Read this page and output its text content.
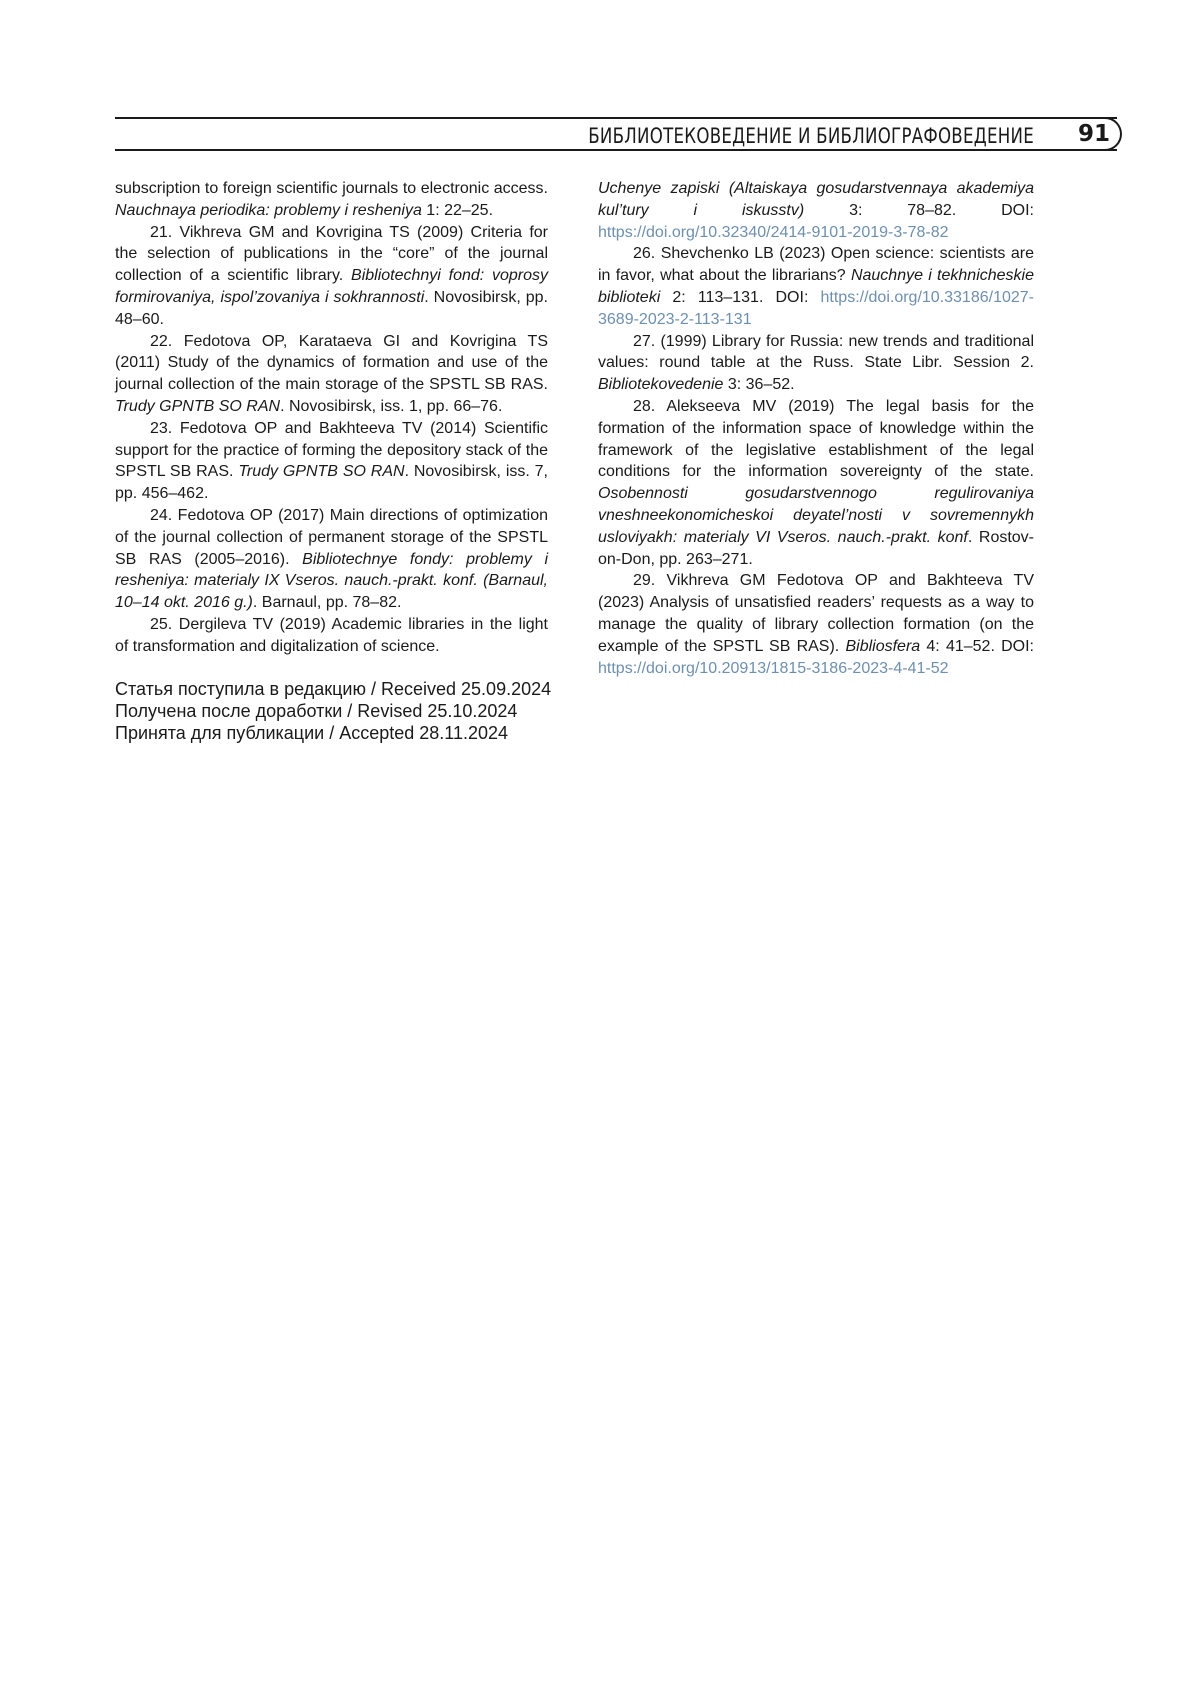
БИБЛИОТЕКОВЕДЕНИЕ И БИБЛИОГРАФОВЕДЕНИЕ	91

subscription to foreign scientific journals to electronic access. Nauchnaya periodika: problemy i resheniya 1: 22–25.

21. Vikhreva GM and Kovrigina TS (2009) Criteria for the selection of publications in the “core” of the journal collection of a scientific library. Bibliotechnyi fond: voprosy formirovaniya, ispol’zovaniya i sokhrannosti. Novosibirsk, pp. 48–60.

22. Fedotova OP, Karataeva GI and Kovrigina TS (2011) Study of the dynamics of formation and use of the journal collection of the main storage of the SPSTL SB RAS. Trudy GPNTB SO RAN. Novosibirsk, iss. 1, pp. 66–76.

23. Fedotova OP and Bakhteeva TV (2014) Scientific support for the practice of forming the depository stack of the SPSTL SB RAS. Trudy GPNTB SO RAN. Novosibirsk, iss. 7, pp. 456–462.

24. Fedotova OP (2017) Main directions of optimization of the journal collection of permanent storage of the SPSTL SB RAS (2005–2016). Bibliotechnye fondy: problemy i resheniya: materialy IX Vseros. nauch.-prakt. konf. (Barnaul, 10–14 okt. 2016 g.). Barnaul, pp. 78–82.

25. Dergileva TV (2019) Academic libraries in the light of transformation and digitalization of science.

Uchenye zapiski (Altaiskaya gosudarstvennaya akademiya kul’tury i iskusstv) 3: 78–82. DOI: https://doi.org/10.32340/2414-9101-2019-3-78-82

26. Shevchenko LB (2023) Open science: scientists are in favor, what about the librarians? Nauchnye i tekhnicheskie biblioteki 2: 113–131. DOI: https://doi.org/10.33186/1027-3689-2023-2-113-131

27. (1999) Library for Russia: new trends and traditional values: round table at the Russ. State Libr. Session 2. Bibliotekovedenie 3: 36–52.

28. Alekseeva MV (2019) The legal basis for the formation of the information space of knowledge within the framework of the legislative establishment of the legal conditions for the information sovereignty of the state. Osobennosti gosudarstvennogo regulirovaniya vneshneekonomicheskoi deyatel’nosti v sovremennykh usloviyakh: materialy VI Vseros. nauch.-prakt. konf. Rostov-on-Don, pp. 263–271.

29. Vikhreva GM Fedotova OP and Bakhteeva TV (2023) Analysis of unsatisfied readers’ requests as a way to manage the quality of library collection formation (on the example of the SPSTL SB RAS). Bibliosfera 4: 41–52. DOI: https://doi.org/10.20913/1815-3186-2023-4-41-52

Статья поступила в редакцию / Received 25.09.2024
Получена после доработки / Revised 25.10.2024
Принята для публикации / Accepted 28.11.2024
